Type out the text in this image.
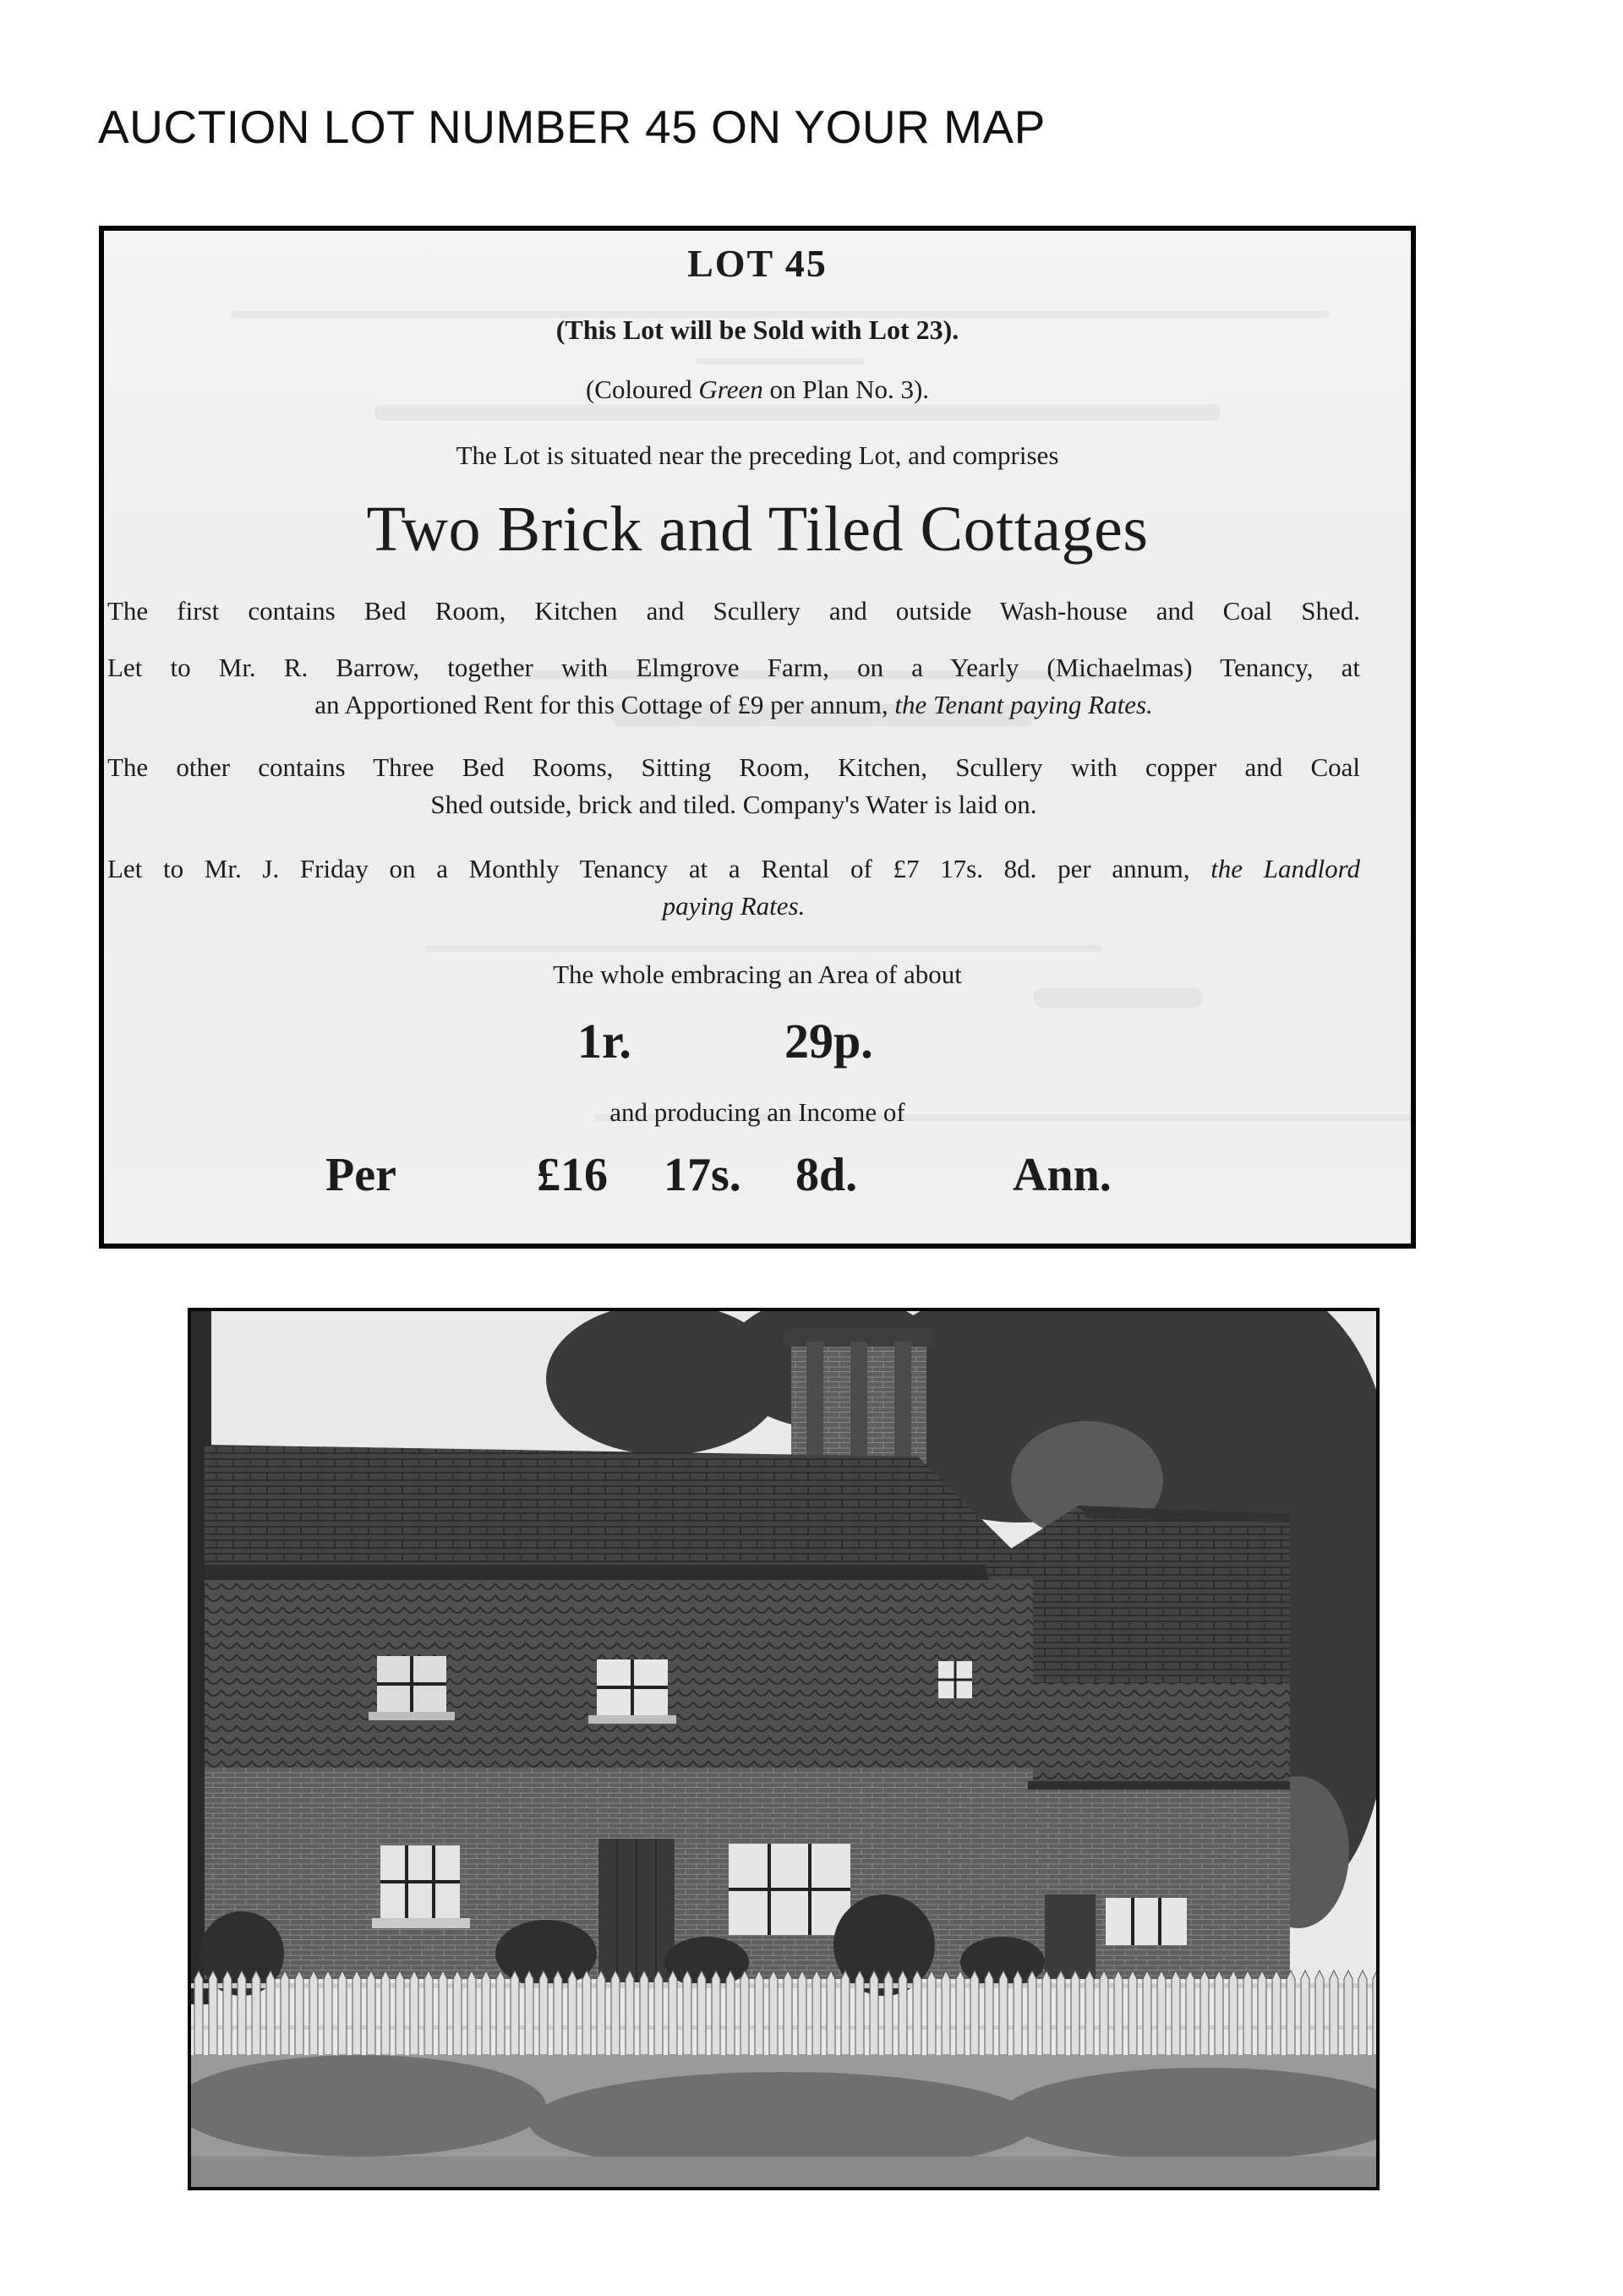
AUCTION LOT NUMBER 45 ON YOUR MAP
LOT 45
(This Lot will be Sold with Lot 23).
(Coloured Green on Plan No. 3).
The Lot is situated near the preceding Lot, and comprises
Two Brick and Tiled Cottages
The first contains Bed Room, Kitchen and Scullery and outside Wash-house and Coal Shed.
Let to Mr. R. Barrow, together with Elmgrove Farm, on a Yearly (Michaelmas) Tenancy, at
an Apportioned Rent for this Cottage of £9 per annum, the Tenant paying Rates.
The other contains Three Bed Rooms, Sitting Room, Kitchen, Scullery with copper and Coal
Shed outside, brick and tiled. Company's Water is laid on.
Let to Mr. J. Friday on a Monthly Tenancy at a Rental of £7 17s. 8d. per annum, the Landlord
paying Rates.
The whole embracing an Area of about
1r.	29p.
and producing an Income of
Per	£16 17s. 8d.	Ann.
